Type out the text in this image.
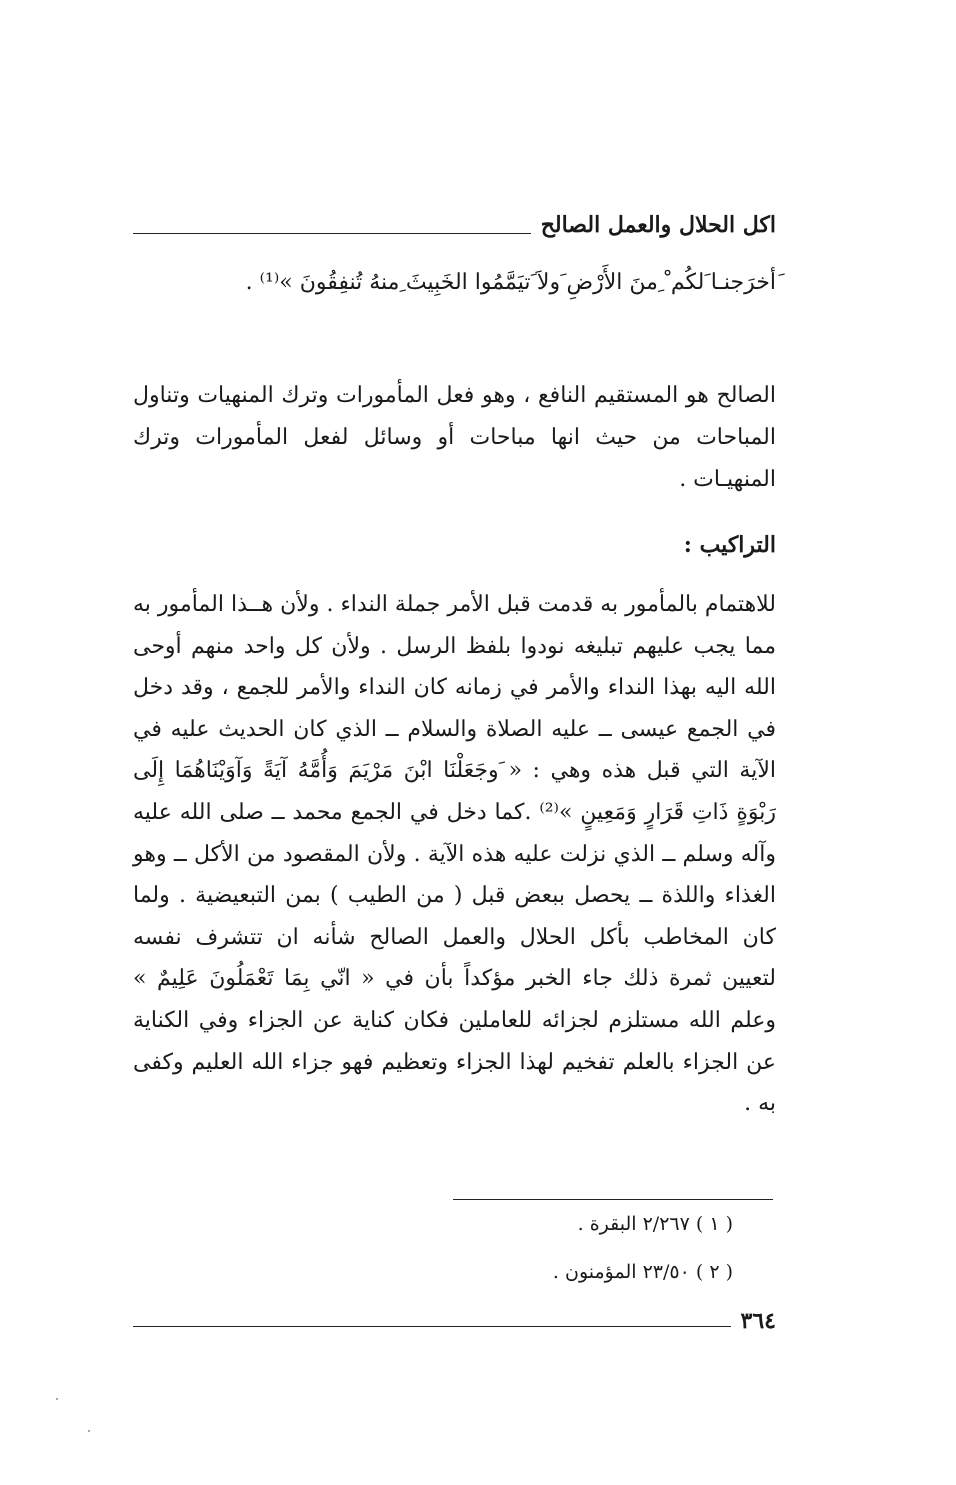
اكل الحلال والعمل الصالح
َأخرَجنـا َلكُم ْ ِمنَ الأَرْضِ َولاَ َتيَمَّمُوا الخَبِيثَ ِمنهُ تُنفِقُونَ »⁽¹⁾ .
الصالح هو المستقيم النافع ، وهو فعل المأمورات وترك المنهيات وتناول المباحات من حيث انها مباحات أو وسائل لفعل المأمورات وترك المنهيـات .
التراكيب :
للاهتمام بالمأمور به قدمت قبل الأمر جملة النداء . ولأن هــذا المأمور به مما يجب عليهم تبليغه نودوا بلفظ الرسل . ولأن كل واحد منهم أوحى الله اليه بهذا النداء والأمر في زمانه كان النداء والأمر للجمع ، وقد دخل في الجمع عيسى ــ عليه الصلاة والسلام ــ الذي كان الحديث عليه في الآية التي قبل هذه وهي : « َوجَعَلْنَا ابْنَ مَرْيَمَ وَأُمَّهُ آيَةً وَآوَيْنَاهُمَا إِلَى رَبْوَةٍ ذَاتِ قَرَارٍ وَمَعِينٍ »⁽²⁾ .كما دخل في الجمع محمد ــ صلى الله عليه وآله وسلم ــ الذي نزلت عليه هذه الآية . ولأن المقصود من الأكل ــ وهو الغذاء واللذة ــ يحصل ببعض قبل ( من الطيب ) بمن التبعيضية . ولما كان المخاطب بأكل الحلال والعمل الصالح شأنه ان تتشرف نفسه لتعيين ثمرة ذلك جاء الخبر مؤكداً بأن في « انّي بِمَا تَعْمَلُونَ عَلِيمٌ » وعلم الله مستلزم لجزائه للعاملين فكان كناية عن الجزاء وفي الكناية عن الجزاء بالعلم تفخيم لهذا الجزاء وتعظيم فهو جزاء الله العليم وكفى به .
( ١ ) ٢/٢٦٧ البقرة .
( ٢ ) ٢٣/٥٠ المؤمنون .
٣٦٤
